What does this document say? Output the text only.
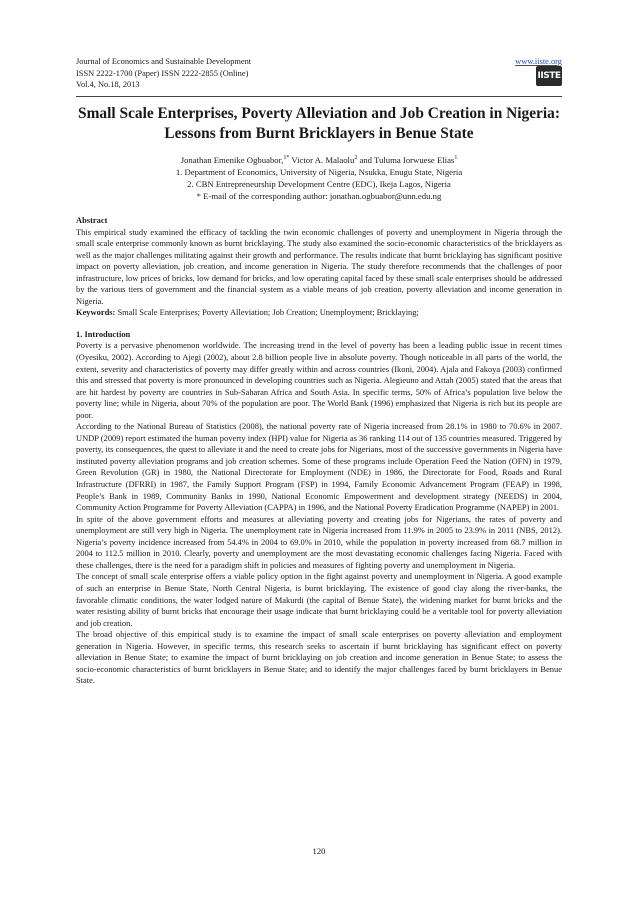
Journal of Economics and Sustainable Development
ISSN 2222-1700 (Paper) ISSN 2222-2855 (Online)
Vol.4, No.18, 2013
www.iiste.org
IISTE
Small Scale Enterprises, Poverty Alleviation and Job Creation in Nigeria: Lessons from Burnt Bricklayers in Benue State
Jonathan Emenike Ogbuabor,$^{1*}$ Victor A. Malaolu$^2$ and Tuluma Iorwuese Elias$^1$
1. Department of Economics, University of Nigeria, Nsukka, Enugu State, Nigeria
2. CBN Entrepreneurship Development Centre (EDC), Ikeja Lagos, Nigeria
* E-mail of the corresponding author: jonathan.ogbuabor@unn.edu.ng

Abstract

This empirical study examined the efficacy of tackling the twin economic challenges of poverty and unemployment in Nigeria through the small scale enterprise commonly known as burnt bricklaying. The study also examined the socio-economic characteristics of the bricklayers as well as the major challenges militating against their growth and performance. The results indicate that burnt bricklaying has significant positive impact on poverty alleviation, job creation, and income generation in Nigeria. The study therefore recommends that the challenges of poor infrastructure, low prices of bricks, low demand for bricks, and low operating capital faced by these small scale enterprises should be addressed by the various tiers of government and the financial system as a viable means of job creation, poverty alleviation and income generation in Nigeria.

Keywords: Small Scale Enterprises; Poverty Alleviation; Job Creation; Unemployment; Bricklaying;

1. Introduction

Poverty is a pervasive phenomenon worldwide. The increasing trend in the level of poverty has been a leading public issue in recent times (Oyesiku, 2002). According to Ajegi (2002), about 2.8 billion people live in absolute poverty. Though noticeable in all parts of the world, the extent, severity and characteristics of poverty may differ greatly within and across countries (Ikoni, 2004). Ajala and Fakoya (2003) confirmed this and stressed that poverty is more pronounced in developing countries such as Nigeria. Alegieuno and Attah (2005) stated that the areas that are hit hardest by poverty are countries in Sub-Saharan Africa and South Asia. In specific terms, 50% of Africa’s population live below the poverty line; while in Nigeria, about 70% of the population are poor. The World Bank (1996) emphasized that Nigeria is rich but its people are poor.

According to the National Bureau of Statistics (2008), the national poverty rate of Nigeria increased from 28.1% in 1980 to 70.6% in 2007. UNDP (2009) report estimated the human poverty index (HPI) value for Nigeria as 36 ranking 114 out of 135 countries measured. Triggered by poverty, its consequences, the quest to alleviate it and the need to create jobs for Nigerians, most of the successive governments in Nigeria have instituted poverty alleviation programs and job creation schemes. Some of these programs include Operation Feed the Nation (OFN) in 1979, Green Revolution (GR) in 1980, the National Directorate for Employment (NDE) in 1986, the Directorate for Food, Roads and Rural Infrastructure (DFRRI) in 1987, the Family Support Program (FSP) in 1994, Family Economic Advancement Program (FEAP) in 1998, People’s Bank in 1989, Community Banks in 1990, National Economic Empowerment and development strategy (NEEDS) in 2004, Community Action Programme for Poverty Alleviation (CAPPA) in 1996, and the National Poverty Eradication Programme (NAPEP) in 2001.

In spite of the above government efforts and measures at alleviating poverty and creating jobs for Nigerians, the rates of poverty and unemployment are still very high in Nigeria. The unemployment rate in Nigeria increased from 11.9% in 2005 to 23.9% in 2011 (NBS, 2012). Nigeria’s poverty incidence increased from 54.4% in 2004 to 69.0% in 2010, while the population in poverty increased from 68.7 million in 2004 to 112.5 million in 2010. Clearly, poverty and unemployment are the most devastating economic challenges facing Nigeria. Faced with these challenges, there is the need for a paradigm shift in policies and measures of fighting poverty and unemployment in Nigeria.

The concept of small scale enterprise offers a viable policy option in the fight against poverty and unemployment in Nigeria. A good example of such an enterprise in Benue State, North Central Nigeria, is burnt bricklaying. The existence of good clay along the river-banks, the favorable climatic conditions, the water lodged nature of Makurdi (the capital of Benue State), the widening market for burnt bricks and the water resisting ability of burnt bricks that encourage their usage indicate that burnt bricklaying could be a veritable tool for poverty alleviation and job creation.

The broad objective of this empirical study is to examine the impact of small scale enterprises on poverty alleviation and employment generation in Nigeria. However, in specific terms, this research seeks to ascertain if burnt bricklaying has significant effect on poverty alleviation in Benue State; to examine the impact of burnt bricklaying on job creation and income generation in Benue State; to assess the socio-economic characteristics of burnt bricklayers in Benue State; and to identify the major challenges faced by burnt bricklayers in Benue State.

120
